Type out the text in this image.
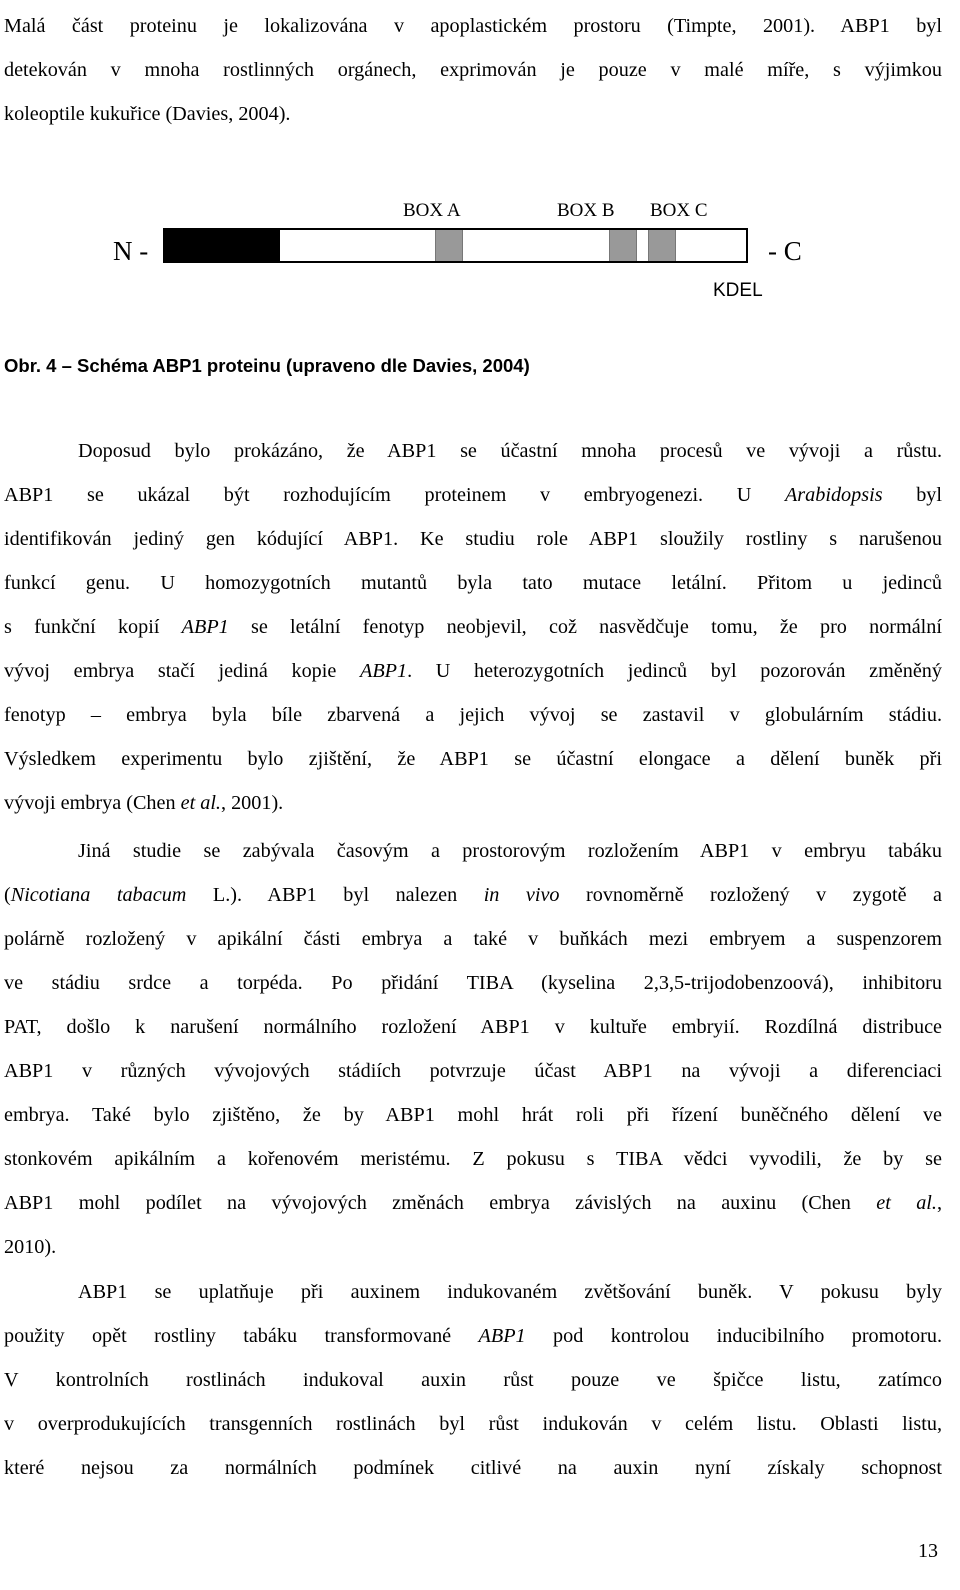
Malá část proteinu je lokalizována v apoplastickém prostoru (Timpte, 2001). ABP1 byl
detekován v mnoha rostlinných orgánech, exprimován je pouze v malé míře, s výjimkou
koleoptile kukuřice (Davies, 2004).

BOX A	BOX B BOX C
N -	- C
KDEL
Obr. 4 – Schéma ABP1 proteinu (upraveno dle Davies, 2004)

Doposud bylo prokázáno, že ABP1 se účastní mnoha procesů ve vývoji a růstu.
ABP1 se ukázal být rozhodujícím proteinem v embryogenezi. U Arabidopsis byl
identifikován jediný gen kódující ABP1. Ke studiu role ABP1 sloužily rostliny s narušenou
funkcí genu. U homozygotních mutantů byla tato mutace letální. Přitom u jedinců
s funkční kopií ABP1 se letální fenotyp neobjevil, což nasvědčuje tomu, že pro normální
vývoj embrya stačí jediná kopie ABP1. U heterozygotních jedinců byl pozorován změněný
fenotyp – embrya byla bíle zbarvená a jejich vývoj se zastavil v globulárním stádiu.
Výsledkem experimentu bylo zjištění, že ABP1 se účastní elongace a dělení buněk při
vývoji embrya (Chen et al., 2001).

Jiná studie se zabývala časovým a prostorovým rozložením ABP1 v embryu tabáku
(Nicotiana tabacum L.). ABP1 byl nalezen in vivo rovnoměrně rozložený v zygotě a
polárně rozložený v apikální části embrya a také v buňkách mezi embryem a suspenzorem
ve stádiu srdce a torpéda. Po přidání TIBA (kyselina 2,3,5-trijodobenzoová), inhibitoru
PAT, došlo k narušení normálního rozložení ABP1 v kultuře embryií. Rozdílná distribuce
ABP1 v různých vývojových stádiích potvrzuje účast ABP1 na vývoji a diferenciaci
embrya. Také bylo zjištěno, že by ABP1 mohl hrát roli při řízení buněčného dělení ve
stonkovém apikálním a kořenovém meristému. Z pokusu s TIBA vědci vyvodili, že by se
ABP1 mohl podílet na vývojových změnách embrya závislých na auxinu (Chen et al.,
2010).

ABP1 se uplatňuje při auxinem indukovaném zvětšování buněk. V pokusu byly
použity opět rostliny tabáku transformované ABP1 pod kontrolou inducibilního promotoru.
V kontrolních rostlinách indukoval auxin růst pouze ve špičce listu, zatímco
v overprodukujících transgenních rostlinách byl růst indukován v celém listu. Oblasti listu,
které nejsou za normálních podmínek citlivé na auxin nyní získaly schopnost

13
